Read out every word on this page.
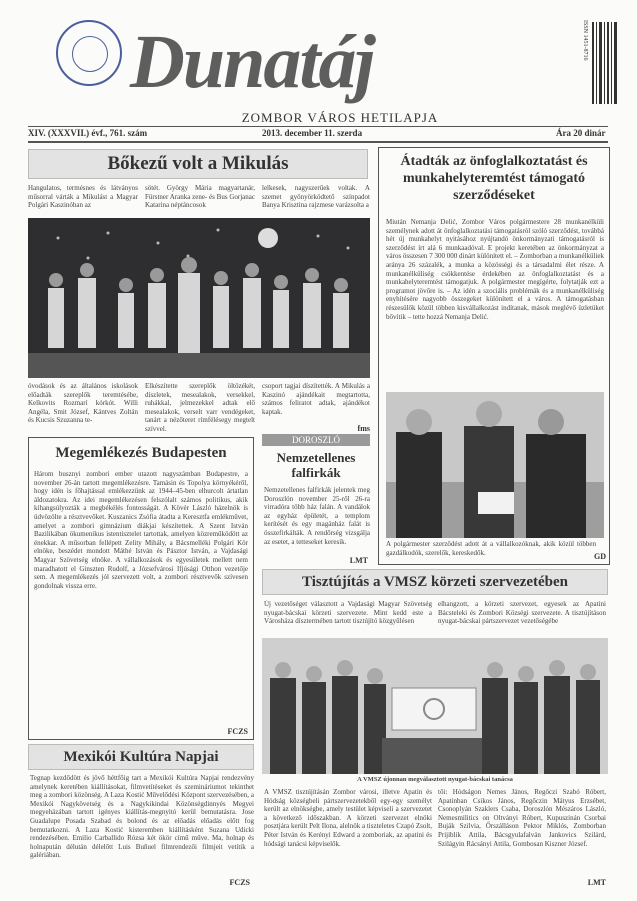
Dunatáj	ISSN 1451-8716
ZOMBOR VÁROS HETILAPJA
XIV. (XXXVII.) évf., 761. szám	2013. december 11. szerda	Ára 20 dinár
Bőkezű volt a Mikulás
Hangulatos, termésnes és látványos műsorral várták a Mikulást a Magyar Polgári Kaszinóban az
sötét. György Mária magyartanár, Fürstner Aranka zene- és Bus Gorjanac Katarina néptáncosok
lelkesek, nagyszerűek voltak. A szemet gyönyörködtető színpadot Banya Krisztina rajzmese varázsolta a
óvodások és az általános iskolások előadták szereplők teremtésébe, Kelkovits Rozmarí kórkót. Willi Angéla, Smit József, Kántves Zoltán és Kucsis Szuzanna te-
Elkészítette szereplők öltözékét, díszletek, mesealakok, versekkel, ruhákkal, jelmezekkel adtak elő mesealakok, verselt varr vendégeket, tanárt a nézőteret rímfélésegy megtelt szívvel.
csoport tagjai díszítették. A Mikulás a Kaszinó ajándékait megtartotta, számos feliratot adtak, ajándékot kaptak.
fms
Átadták az önfoglalkoztatást és munkahelyteremtést támogató szerződéseket
Miután Nemanja Delić, Zombor Város polgármestere 28 munkanélküli személynek adott át önfoglalkoztatási támogatásról szóló szerződést, továbbá hét új munkahelyt nyitásához nyújtandó önkormányzati támogatásról is szerződést írt alá 6 munkaadóval. E projekt keretében az önkormányzat a város összesen 7 300 000 dinárt különített el. – Zomborban a munkanélküliek aránya 26 százalék, a munka a közösségi és a társadalmi élet része. A munkanélküliség csökkentése érdekében az önfoglalkoztatást és a munkahelyteremtést támogatjuk. A polgármester megígérte, folytatják ezt a programot jövőre is. – Az idén a szociális problémák és a munkanélküliség enyhítésére nagyobb összegeket különített el a város. A támogatásban részesülők közül többen kisvállalkozást indítanak, mások meglévő üzletüket bővítik – tette hozzá Nemanja Delić.
A polgármester szerződést adott át a vállalkozóknak, akik közül többen gazdálkodók, szerelők, kereskedők.	GD
Megemlékezés Budapesten
Három busznyi zombori ember utazott nagyszámban Budapestre, a november 26-án tartott megemlékezésre. Tamásin és Topolya környékéről, hogy idén is főhajtással emlékezzünk az 1944–45-ben elhurcolt ártatlan áldozatokra. Az idei megemlékezésen felszólalt számos politikus, akik kihangsúlyozták a megbékélés fontosságát. A Kövér László házelnök is üdvözölte a résztvevőket. Kuszanics Zsófia átadta a Keresztfa emlékművet, amelyet a zombori gimnázium diákjai készítettek. A Szent István Bazilikában ökumenikus istentisztelet tartottak, amelyen közreműködött az énekkar. A műsorban fellépett Zelity Mihály, a Bácsmelléki Polgári Kör elnöke, beszédet mondott Máthé István és Pásztor István, a Vajdasági Magyar Szövetség elnöke. A vállalkozások és egyesületek mellett nem maradhatott el Ginszten Rudolf, a Józsefvárosi Ifjúsági Otthon vezetője sem. A megemlékezés jól szervezett volt, a zombori résztvevők szívesen gondolnak vissza erre.
FCZS
DOROSZLÓ
Nemzetellenes falfirkák
Nemzetellenes falfirkák jelentek meg Doroszlón november 25-ről 26-ra virradóra több ház falán. A vandálok az egyház épületét, a templom kerítését és egy magánház falát is összefirkálták. A rendőrség vizsgálja az esetet, a tetteseket keresik.
LMT
Tisztújítás a VMSZ körzeti szervezetében
Új vezetőséget választott a Vajdasági Magyar Szövetség nyugat-bácskai körzeti szervezete. Mint kedd este a Városháza dísztermében tartott tisztújító közgyűlésen
elhangzott, a körzeti szervezet, egyesek az Apatini Bácsteleki és Zombori Községi szervezete. A tisztújításon nyugat-bácskai pártszervezet vezetőségébe
A VMSZ újonnan megválasztott nyugat-bácskai tanácsa
A VMSZ tisztújításán Zombor városi, illetve Apatin és Hódság községbeli pártszervezetekből egy-egy személyt került az elnökségbe, amely testület képviseli a szervezetet a következő időszakban. A körzeti szervezet elnöki posztjára került Pelt Ilona, alelnök a tiszteletes Czapó Zsolt, Péter István és Kerényi Edward a zomboriak, az apatini és hódsági tanácsi képviselők.
tői: Hódságon Nemes János, Regőczi Szabó Róbert, Apatinban Csikos János, Regőczin Mátyus Erzsébet, Csonoplyán Szaklers Csaba, Doroszlón Mészáros László, Nemesmilitics on Oltványi Róbert, Kupuszinán Csorbai Buják Szilvia, Őrszálláson Pektor Miklós, Zomborban Prijiblik Attila, Bácsgyulafalván Jankovics Szilárd, Szilágyin Rácsányi Attila, Gombosan Kiszner József.
LMT
Mexikói Kultúra Napjai
Tegnap kezdődött és jövő héttfőig tart a Mexikói Kultúra Napjai rendezvény amelynek keretében kiállításokat, filmvetítéseket és szemináriumot tekinthet meg a zombori közönség. A Laza Kostić Művelődési Központ szervezésében, a Mexikói Nagykövetség és a Nagykikindai Közönségdinnyés Megyei megyeházában tartott igényes kiállítás-megnyitó kerül bemutatásra. Jose Guadalupe Posada Szabad és bolond és az előadás előadás előtt fog bemutatkozni. A Laza Kostić kisteremben kiállításként Suzana Udicki rendezésében. Emilio Carballido Rózsa két ökör című műve. Ma, holnap és holnapután délután délelőtt Luis Buñuel filmrendezői filmjeit vetítik a galériában.
FCZS
